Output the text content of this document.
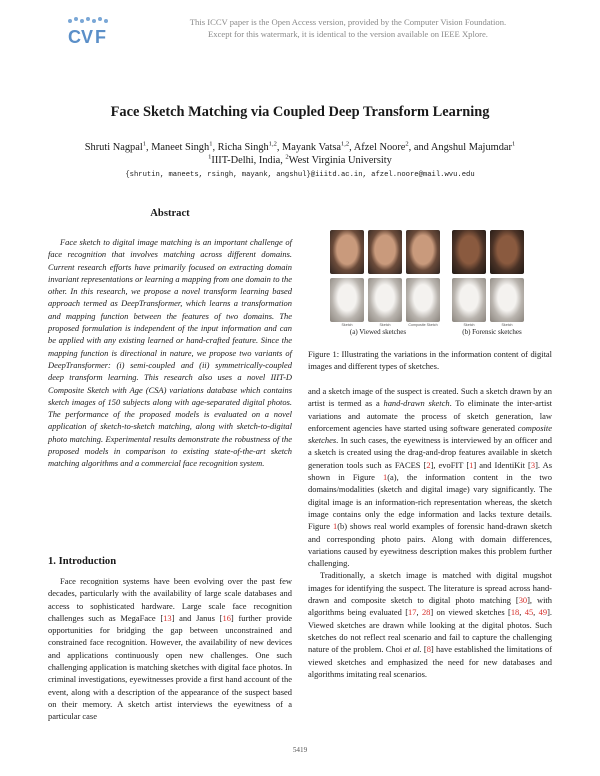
C V F
This ICCV paper is the Open Access version, provided by the Computer Vision Foundation.
Except for this watermark, it is identical to the version available on IEEE Xplore.
Face Sketch Matching via Coupled Deep Transform Learning
Shruti Nagpal$^1$, Maneet Singh$^1$, Richa Singh$^{1,2}$, Mayank Vatsa$^{1,2}$, Afzel Noore$^2$, and Angshul Majumdar$^1$
$^1$IIIT-Delhi, India, $^2$West Virginia University
{shrutin, maneets, rsingh, mayank, angshul}@iiitd.ac.in, afzel.noore@mail.wvu.edu
Abstract

Face sketch to digital image matching is an important challenge of face recognition that involves matching across different domains. Current research efforts have primarily focused on extracting domain invariant representations or learning a mapping from one domain to the other. In this research, we propose a novel transform learning based approach termed as DeepTransformer, which learns a transformation and mapping function between the features of two domains. The proposed formulation is independent of the input information and can be applied with any existing learned or hand-crafted feature. Since the mapping function is directional in nature, we propose two variants of DeepTransformer: (i) semi-coupled and (ii) symmetrically-coupled deep transform learning. This research also uses a novel IIIT-D Composite Sketch with Age (CSA) variations database which contains sketch images of 150 subjects along with age-separated digital photos. The performance of the proposed models is evaluated on a novel application of sketch-to-sketch matching, along with sketch-to-digital photo matching. Experimental results demonstrate the robustness of the proposed models in comparison to existing state-of-the-art sketch matching algorithms and a commercial face recognition system.

1. Introduction

Face recognition systems have been evolving over the past few decades, particularly with the availability of large scale databases and access to sophisticated hardware. Large scale face recognition challenges such as MegaFace [13] and Janus [16] further provide opportunities for bridging the gap between unconstrained and constrained face recognition. However, the availability of new devices and applications continuously open new challenges. One such challenging application is matching sketches with digital face photos. In criminal investigations, eyewitnesses provide a first hand account of the event, along with a description of the appearance of the suspect based on their memory. A sketch artist interviews the eyewitness of a particular case

Sketch	Sketch	Composite Sketch	Sketch	Sketch
(a) Viewed sketches	(b) Forensic sketches
Figure 1: Illustrating the variations in the information content of digital images and different types of sketches.

and a sketch image of the suspect is created. Such a sketch drawn by an artist is termed as a hand-drawn sketch. To eliminate the inter-artist variations and automate the process of sketch generation, law enforcement agencies have started using software generated composite sketches. In such cases, the eyewitness is interviewed by an officer and a sketch is created using the drag-and-drop features available in sketch generation tools such as FACES [2], evoFIT [1] and IdentiKit [3]. As shown in Figure 1(a), the information content in the two domains/modalities (sketch and digital image) vary significantly. The digital image is an information-rich representation whereas, the sketch image contains only the edge information and lacks texture details. Figure 1(b) shows real world examples of forensic hand-drawn sketch and corresponding photo pairs. Along with domain differences, variations caused by eyewitness description makes this problem further challenging.

Traditionally, a sketch image is matched with digital mugshot images for identifying the suspect. The literature is spread across hand-drawn and composite sketch to digital photo matching [30], with algorithms being evaluated [17, 28] on viewed sketches [18, 45, 49]. Viewed sketches are drawn while looking at the digital photos. Such sketches do not reflect real scenario and fail to capture the challenging nature of the problem. Choi et al. [8] have established the limitations of viewed sketches and emphasized the need for new databases and algorithms imitating real scenarios.

5419
